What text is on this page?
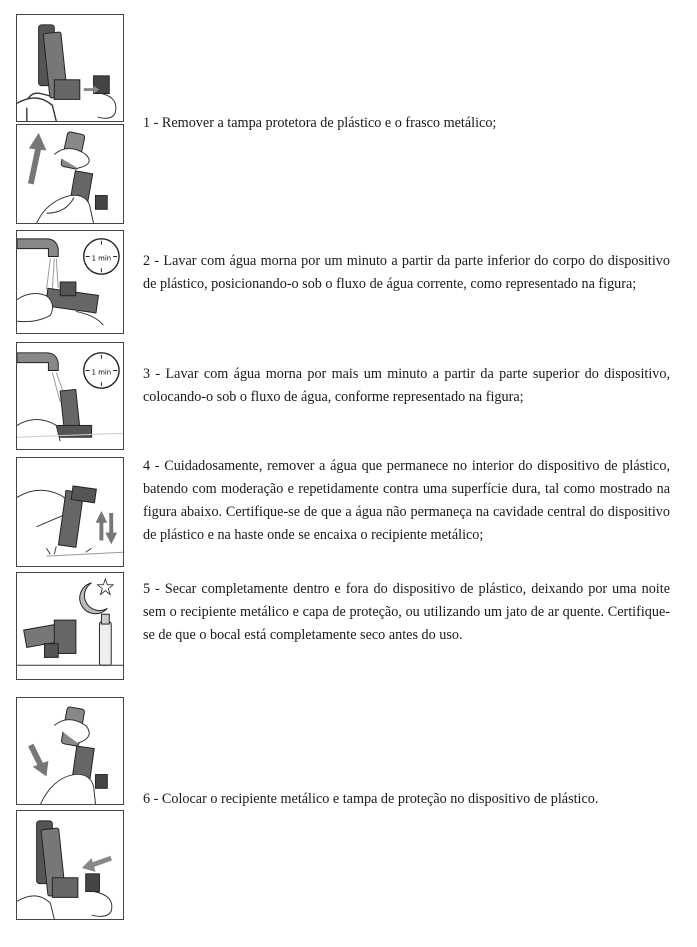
1 min
1 min

1 - Remover a tampa protetora de plástico e o frasco metálico;

2 - Lavar com água morna por um minuto a partir da parte inferior do corpo do dispositivo de plástico, posicionando-o sob o fluxo de água corrente, como representado na figura;

3 - Lavar com água morna por mais um minuto a partir da parte superior do dispositivo, colocando-o sob o fluxo de água, conforme representado na figura;

4 - Cuidadosamente, remover a água que permanece no interior do dispositivo de plástico, batendo com moderação e repetidamente contra uma superfície dura, tal como mostrado na figura abaixo. Certifique-se de que a água não permaneça na cavidade central do dispositivo de plástico e na haste onde se encaixa o recipiente metálico;

5 - Secar completamente dentro e fora do dispositivo de plástico, deixando por uma noite sem o recipiente metálico e capa de proteção, ou utilizando um jato de ar quente. Certifique-se de que o bocal está completamente seco antes do uso.

6 - Colocar o recipiente metálico e tampa de proteção no dispositivo de plástico.
